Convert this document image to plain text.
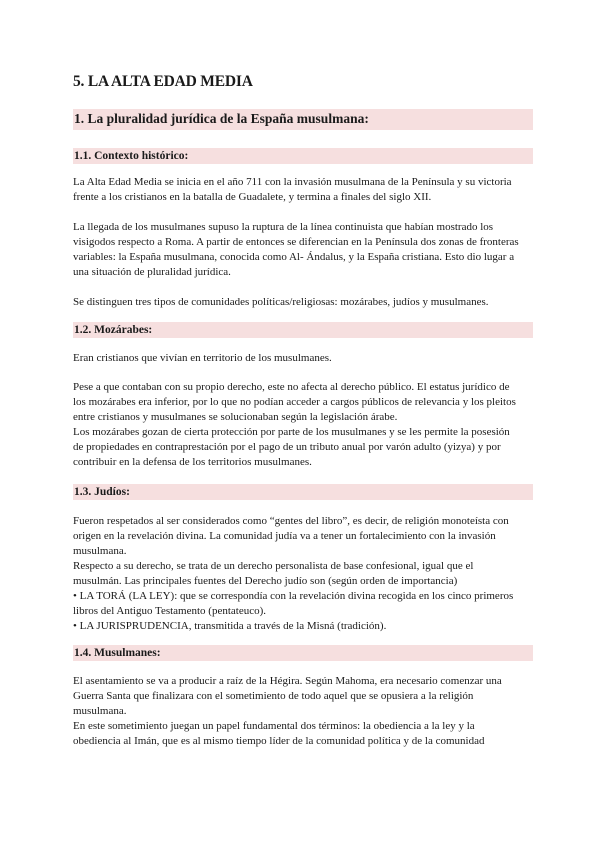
5. LA ALTA EDAD MEDIA
1. La pluralidad jurídica de la España musulmana:
1.1. Contexto histórico:
La Alta Edad Media se inicia en el año 711 con la invasión musulmana de la Península y su victoria
frente a los cristianos en la batalla de Guadalete, y termina a finales del siglo XII.
La llegada de los musulmanes supuso la ruptura de la línea continuista que habían mostrado los
visigodos respecto a Roma. A partir de entonces se diferencian en la Península dos zonas de fronteras
variables: la España musulmana, conocida como Al- Ándalus, y la España cristiana. Esto dio lugar a
una situación de pluralidad jurídica.
Se distinguen tres tipos de comunidades políticas/religiosas: mozárabes, judíos y musulmanes.
1.2. Mozárabes:
Eran cristianos que vivían en territorio de los musulmanes.
Pese a que contaban con su propio derecho, este no afecta al derecho público. El estatus jurídico de
los mozárabes era inferior, por lo que no podían acceder a cargos públicos de relevancia y los pleitos
entre cristianos y musulmanes se solucionaban según la legislación árabe.
Los mozárabes gozan de cierta protección por parte de los musulmanes y se les permite la posesión
de propiedades en contraprestación por el pago de un tributo anual por varón adulto (yizya) y por
contribuir en la defensa de los territorios musulmanes.
1.3. Judíos:
Fueron respetados al ser considerados como “gentes del libro”, es decir, de religión monoteísta con
origen en la revelación divina. La comunidad judía va a tener un fortalecimiento con la invasión
musulmana.
Respecto a su derecho, se trata de un derecho personalista de base confesional, igual que el
musulmán. Las principales fuentes del Derecho judío son (según orden de importancia)
• LA TORÁ (LA LEY): que se correspondía con la revelación divina recogida en los cinco primeros
libros del Antiguo Testamento (pentateuco).
• LA JURISPRUDENCIA, transmitida a través de la Misná (tradición).
1.4. Musulmanes:
El asentamiento se va a producir a raíz de la Hégira. Según Mahoma, era necesario comenzar una
Guerra Santa que finalizara con el sometimiento de todo aquel que se opusiera a la religión
musulmana.
En este sometimiento juegan un papel fundamental dos términos: la obediencia a la ley y la
obediencia al Imán, que es al mismo tiempo líder de la comunidad política y de la comunidad
